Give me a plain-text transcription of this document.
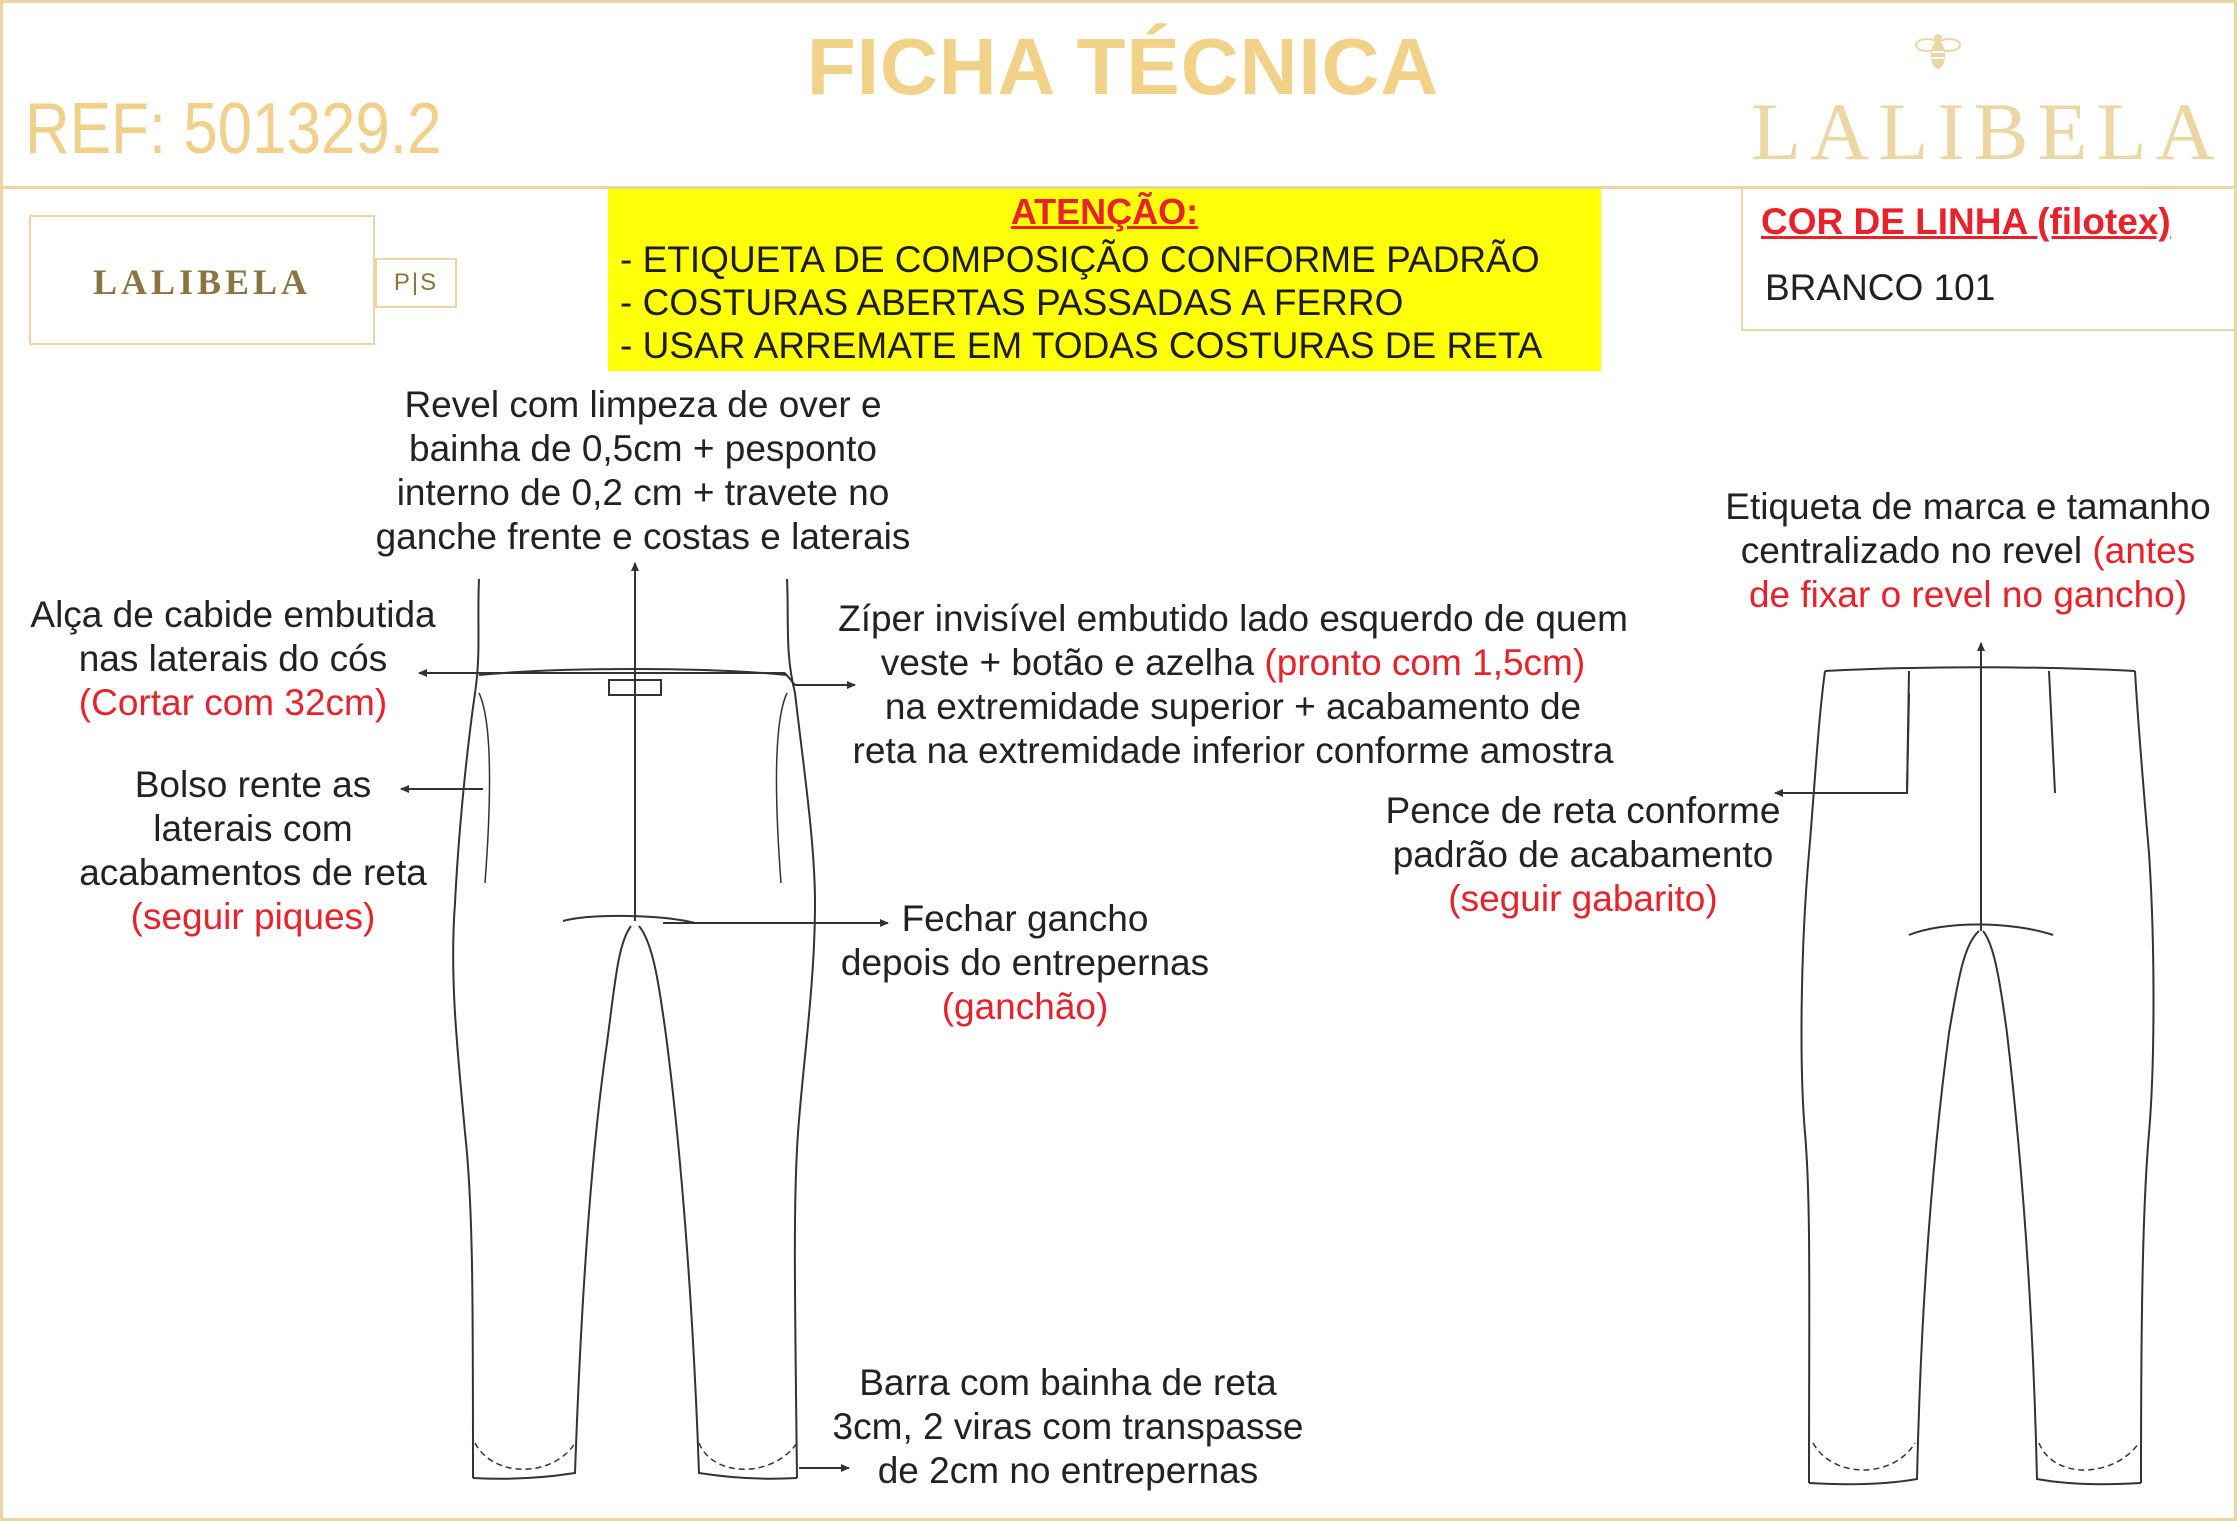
FICHA TÉCNICA
REF: 501329.2	LALIBELA
LALIBELA	P|S
ATENÇÃO:
- ETIQUETA DE COMPOSIÇÃO CONFORME PADRÃO
- COSTURAS ABERTAS PASSADAS A FERRO
- USAR ARREMATE EM TODAS COSTURAS DE RETA
COR DE LINHA (filotex)
BRANCO 101
Revel com limpeza de over e
bainha de 0,5cm + pesponto
interno de 0,2 cm + travete no
ganche frente e costas e laterais
Alça de cabide embutida
nas laterais do cós
(Cortar com 32cm)
Bolso rente as
laterais com
acabamentos de reta
(seguir piques)
Zíper invisível embutido lado esquerdo de quem
veste + botão e azelha (pronto com 1,5cm)
na extremidade superior + acabamento de
reta na extremidade inferior conforme amostra
Fechar gancho
depois do entrepernas
(ganchão)
Barra com bainha de reta
3cm, 2 viras com transpasse
de 2cm no entrepernas
Etiqueta de marca e tamanho
centralizado no revel (antes
de fixar o revel no gancho)
Pence de reta conforme
padrão de acabamento
(seguir gabarito)
